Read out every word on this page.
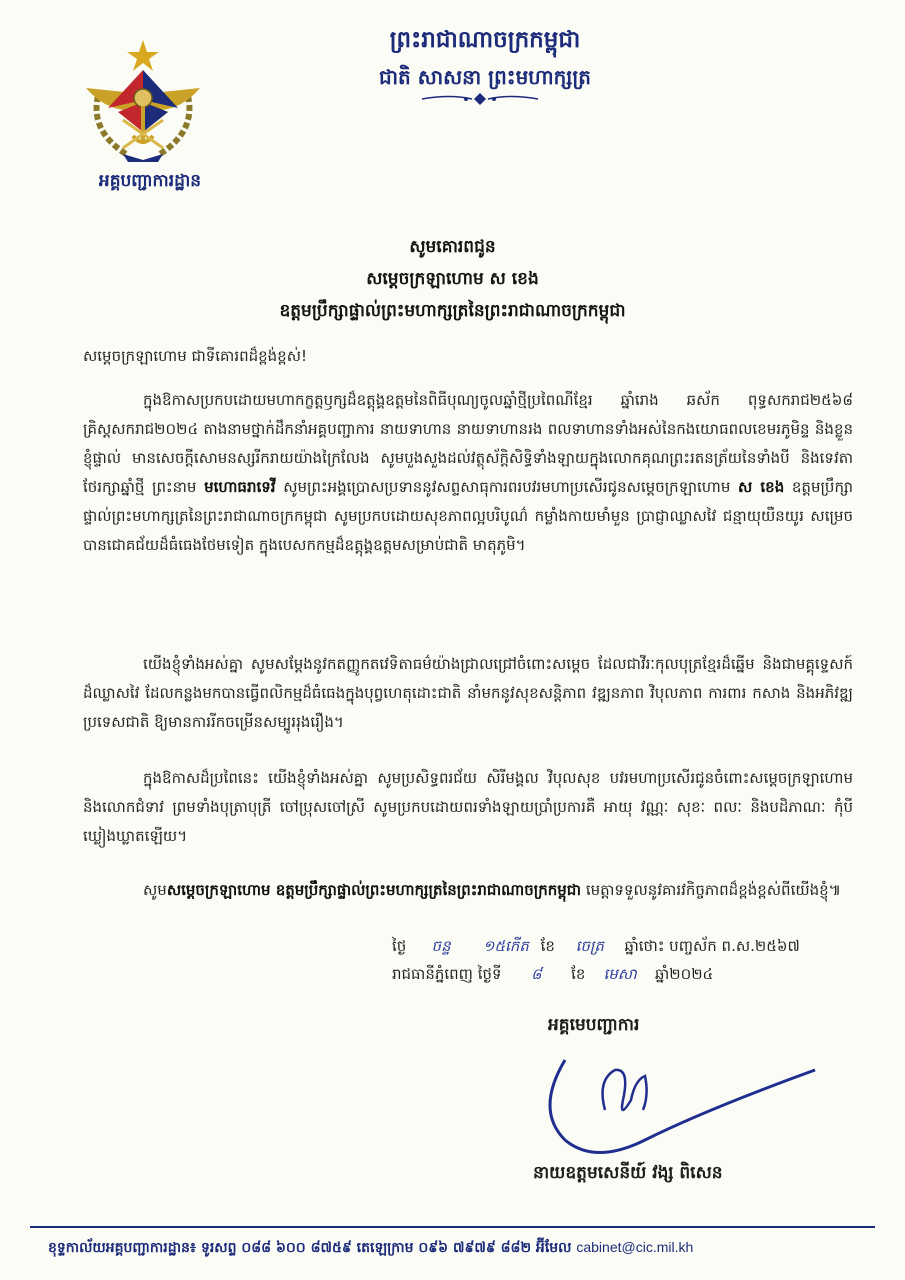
អគ្គបញ្ជាការដ្ឋាន
ព្រះរាជាណាចក្រកម្ពុជា
ជាតិ សាសនា ព្រះមហាក្សត្រ
សូមគោរពជូន
សម្តេចក្រឡាហោម ស ខេង
ឧត្តមប្រឹក្សាផ្ទាល់ព្រះមហាក្សត្រនៃព្រះរាជាណាចក្រកម្ពុជា
សម្តេចក្រឡាហោម ជាទីគោរពដ៏ខ្ពង់ខ្ពស់!
ក្នុងឱកាសប្រកបដោយមហាកក្ខត្តឫក្សដ៏ឧត្តុង្គឧត្តមនៃពិធីបុណ្យចូលឆ្នាំថ្មីប្រពៃណីខ្មែរ ឆ្នាំរោង ឆស័ក ពុទ្ធសករាជ២៥៦៨ គ្រិស្តសករាជ២០២៤ តាងនាមថ្នាក់ដឹកនាំអគ្គបញ្ជាការ នាយទាហាន នាយទាហានរង ពលទាហានទាំងអស់នៃកងយោធពលខេមរភូមិន្ទ និងខ្លួនខ្ញុំផ្ទាល់ មានសេចក្តីសោមនស្សរីករាយយ៉ាងក្រៃលែង សូមបួងសួងដល់វត្ថុស័ក្តិសិទ្ធិទាំងឡាយក្នុងលោកគុណព្រះរតនត្រ័យនៃទាំងបី និងទេវតាថែរក្សាឆ្នាំថ្មី ព្រះនាម មហោធរាទេវី សូមព្រះអង្គប្រោសប្រទាននូវសព្ទសាធុការពរបវរមហាប្រសើរជូនសម្តេចក្រឡាហោម ស ខេង ឧត្តមប្រឹក្សាផ្ទាល់ព្រះមហាក្សត្រនៃព្រះរាជាណាចក្រកម្ពុជា សូមប្រកបដោយសុខភាពល្អបរិបូណ៌ កម្លាំងកាយមាំមួន ប្រាជ្ញាឈ្លាសវៃ ជន្មាយុយឺនយូរ សម្រេចបានជោគជ័យដ៏ធំធេងថែមទៀត ក្នុងបេសកកម្មដ៏ឧត្តុង្គឧត្តមសម្រាប់ជាតិ មាតុភូមិ។
យើងខ្ញុំទាំងអស់គ្នា សូមសម្តែងនូវកតញ្ញូកតវេទិតាធម៌យ៉ាងជ្រាលជ្រៅចំពោះសម្តេច ដែលជាវីរៈកុលបុត្រខ្មែរដ៏ឆ្នើម និងជាមគ្គុទ្ទេសក៍ដ៏ឈ្លាសវៃ ដែលកន្លងមកបានធ្វើពលិកម្មដ៏ធំធេងក្នុងបុព្វហេតុដោះជាតិ នាំមកនូវសុខសន្តិភាព វឌ្ឍនភាព វិបុលភាព ការពារ កសាង និងអភិវឌ្ឍប្រទេសជាតិ ឱ្យមានការរីកចម្រើនសម្បូររុងរឿង។
ក្នុងឱកាសដ៏ប្រពៃនេះ យើងខ្ញុំទាំងអស់គ្នា សូមប្រសិទ្ធពរជ័យ សិរីមង្គល វិបុលសុខ បវរមហាប្រសើរជូនចំពោះសម្តេចក្រឡាហោម និងលោកជំទាវ ព្រមទាំងបុត្រាបុត្រី ចៅប្រុសចៅស្រី សូមប្រកបដោយពរទាំងឡាយប្រាំប្រការគឺ អាយុ វណ្ណៈ សុខៈ ពលៈ និងបដិភាណៈ កុំបីឃ្លៀងឃ្លាតឡើយ។
សូមសម្តេចក្រឡាហោម ឧត្តមប្រឹក្សាផ្ទាល់ព្រះមហាក្សត្រនៃព្រះរាជាណាចក្រកម្ពុជា មេត្តាទទួលនូវគារវកិច្ចភាពដ៏ខ្ពង់ខ្ពស់ពីយើងខ្ញុំ៕
ថ្ងៃ ចន្ទ ១៥កើត ខែ ចេត្រ ឆ្នាំថោះ បញ្ចស័ក ព.ស.២៥៦៧
រាជធានីភ្នំពេញ ថ្ងៃទី ៨ ខែ មេសា ឆ្នាំ២០២៤
អគ្គមេបញ្ជាការ
នាយឧត្តមសេនីយ៍ វង្ស ពិសេន
ខុទ្ទកាល័យអគ្គបញ្ជាការដ្ឋាន៖ ទូរសព្ទ ០៨៨ ៦០០ ៨៧៥៩ តេឡេក្រាម ០៩៦ ៧៩៧៩ ៨៨២ អ៊ីមែល cabinet@cic.mil.kh
